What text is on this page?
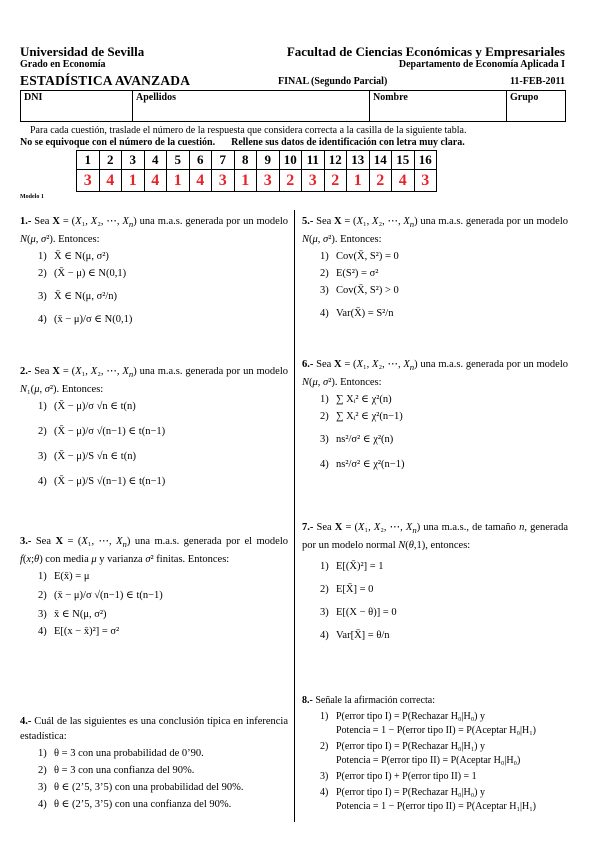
Universidad de Sevilla	Facultad de Ciencias Económicas y Empresariales
Grado en Economía	Departamento de Economía Aplicada I
ESTADÍSTICA AVANZADA	FINAL (Segundo Parcial)	11-FEB-2011
DNI	Apellidos	Nombre	Grupo
Para cada cuestión, traslade el número de la respuesta que considera correcta a la casilla de la siguiente tabla.
No se equivoque con el número de la cuestión. Rellene sus datos de identificación con letra muy clara.
1	2	3	4	5	6	7	8	9	10	11	12	13	14	15	16
3	4	1	4	1	4	3	1	3	2	3	2	1	2	4	3
Modelo 1
1.- Sea X = (X₁, X₂, ⋯, $X_n$) una m.a.s. generada por un modelo N(μ, σ²). Entonces:
1) X̄ ∈ N(μ, σ²)
2) (X̄ − μ) ∈ N(0,1)
3) X̄ ∈ N(μ, σ²/n)
4) (x̄ − μ)/σ ∈ N(0,1)
2.- Sea X = (X₁, X₂, ⋯, $X_n$) una m.a.s. generada por un modelo N₁(μ, σ²). Entonces:
1) (X̄ − μ)/σ √n ∈ t(n)
2) (X̄ − μ)/σ √(n−1) ∈ t(n−1)
3) (X̄ − μ)/S √n ∈ t(n)
4) (X̄ − μ)/S √(n−1) ∈ t(n−1)
3.- Sea X = (X₁, ⋯, $X_n$) una m.a.s. generada por el modelo f(x;θ) con media μ y varianza σ² finitas. Entonces:
1) E(x̄) = μ
2) (x̄ − μ)/σ √(n−1) ∈ t(n−1)
3) x̄ ∈ N(μ, σ²)
4) E[(x − x̄)²] = σ²
4.- Cuál de las siguientes es una conclusión típica en inferencia estadística:
1) θ = 3 con una probabilidad de 0’90.
2) θ = 3 con una confianza del 90%.
3) θ ∈ (2’5, 3’5) con una probabilidad del 90%.
4) θ ∈ (2’5, 3’5) con una confianza del 90%.
5.- Sea X = (X₁, X₂, ⋯, $X_n$) una m.a.s. generada por un modelo N(μ, σ²). Entonces:
1) Cov(X̄, S²) = 0
2) E(S²) = σ²
3) Cov(X̄, S²) > 0
4) Var(X̄) = S²/n
6.- Sea X = (X₁, X₂, ⋯, $X_n$) una m.a.s. generada por un modelo N(μ, σ²). Entonces:
1) ∑ Xᵢ² ∈ χ²(n)
2) ∑ Xᵢ² ∈ χ²(n−1)
3) ns²/σ² ∈ χ²(n)
4) ns²/σ² ∈ χ²(n−1)
7.- Sea X = (X₁, X₂, ⋯, $X_n$) una m.a.s., de tamaño n, generada por un modelo normal N(θ,1), entonces:
1) E[(X̄)²] = 1
2) E[X̄] = 0
3) E[(X − θ)] = 0
4) Var[X̄] = θ/n
8.- Señale la afirmación correcta:
1) P(error tipo I) = P(Rechazar H₀|H₀) y
Potencia = 1 − P(error tipo II) = P(Aceptar H₀|H₁)
2) P(error tipo I) = P(Rechazar H₀|H₁) y
Potencia = P(error tipo II) = P(Aceptar H₀|H₀)
3) P(error tipo I) + P(error tipo II) = 1
4) P(error tipo I) = P(Rechazar H₀|H₀) y
Potencia = 1 − P(error tipo II) = P(Aceptar H₁|H₁)
